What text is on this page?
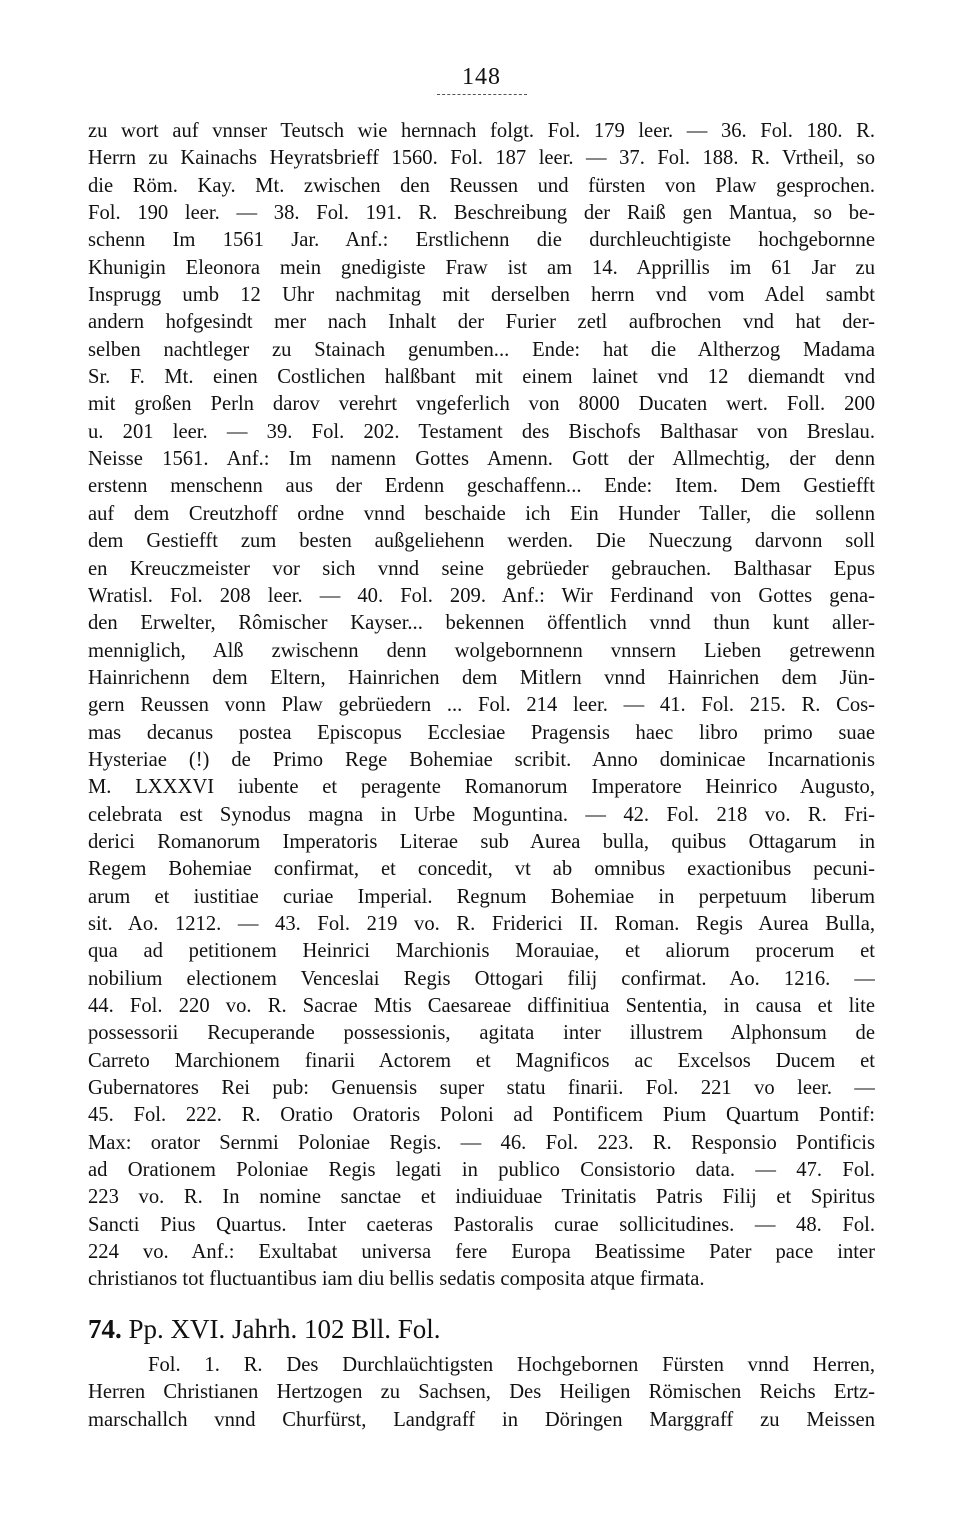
148
zu wort auf vnnser Teutsch wie hernnach folgt. Fol. 179 leer. — 36. Fol. 180. R.
Herrn zu Kainachs Heyratsbrieff 1560. Fol. 187 leer. — 37. Fol. 188. R. Vrtheil, so
die Röm. Kay. Mt. zwischen den Reussen und fürsten von Plaw gesprochen.
Fol. 190 leer. — 38. Fol. 191. R. Beschreibung der Raiß gen Mantua, so be-
schenn Im 1561 Jar. Anf.: Erstlichenn die durchleuchtigiste hochgebornne
Khunigin Eleonora mein gnedigiste Fraw ist am 14. Apprillis im 61 Jar zu
Insprugg umb 12 Uhr nachmitag mit derselben herrn vnd vom Adel sambt
andern hofgesindt mer nach Inhalt der Furier zetl aufbrochen vnd hat der-
selben nachtleger zu Stainach genumben... Ende: hat die Altherzog Madama
Sr. F. Mt. einen Costlichen halßbant mit einem lainet vnd 12 diemandt vnd
mit großen Perln darov verehrt vngeferlich von 8000 Ducaten wert. Foll. 200
u. 201 leer. — 39. Fol. 202. Testament des Bischofs Balthasar von Breslau.
Neisse 1561. Anf.: Im namenn Gottes Amenn. Gott der Allmechtig, der denn
erstenn menschenn aus der Erdenn geschaffenn... Ende: Item. Dem Gestiefft
auf dem Creutzhoff ordne vnnd beschaide ich Ein Hunder Taller, die sollenn
dem Gestiefft zum besten außgeliehenn werden. Die Nueczung darvonn soll
en Kreuczmeister vor sich vnnd seine gebrüeder gebrauchen. Balthasar Epus
Wratisl. Fol. 208 leer. — 40. Fol. 209. Anf.: Wir Ferdinand von Gottes gena-
den Erwelter, Rômischer Kayser... bekennen öffentlich vnnd thun kunt aller-
menniglich, Alß zwischenn denn wolgebornnenn vnnsern Lieben getrewenn
Hainrichenn dem Eltern, Hainrichen dem Mitlern vnnd Hainrichen dem Jün-
gern Reussen vonn Plaw gebrüedern ... Fol. 214 leer. — 41. Fol. 215. R. Cos-
mas decanus postea Episcopus Ecclesiae Pragensis haec libro primo suae
Hysteriae (!) de Primo Rege Bohemiae scribit. Anno dominicae Incarnationis
M. LXXXVI iubente et peragente Romanorum Imperatore Heinrico Augusto,
celebrata est Synodus magna in Urbe Moguntina. — 42. Fol. 218 vo. R. Fri-
derici Romanorum Imperatoris Literae sub Aurea bulla, quibus Ottagarum in
Regem Bohemiae confirmat, et concedit, vt ab omnibus exactionibus pecuni-
arum et iustitiae curiae Imperial. Regnum Bohemiae in perpetuum liberum
sit. Ao. 1212. — 43. Fol. 219 vo. R. Friderici II. Roman. Regis Aurea Bulla,
qua ad petitionem Heinrici Marchionis Morauiae, et aliorum procerum et
nobilium electionem Venceslai Regis Ottogari filij confirmat. Ao. 1216. —
44. Fol. 220 vo. R. Sacrae Mtis Caesareae diffinitiua Sententia, in causa et lite
possessorii Recuperande possessionis, agitata inter illustrem Alphonsum de
Carreto Marchionem finarii Actorem et Magnificos ac Excelsos Ducem et
Gubernatores Rei pub: Genuensis super statu finarii. Fol. 221 vo leer. —
45. Fol. 222. R. Oratio Oratoris Poloni ad Pontificem Pium Quartum Pontif:
Max: orator Sernmi Poloniae Regis. — 46. Fol. 223. R. Responsio Pontificis
ad Orationem Poloniae Regis legati in publico Consistorio data. — 47. Fol.
223 vo. R. In nomine sanctae et indiuiduae Trinitatis Patris Filij et Spiritus
Sancti Pius Quartus. Inter caeteras Pastoralis curae sollicitudines. — 48. Fol.
224 vo. Anf.: Exultabat universa fere Europa Beatissime Pater pace inter
christianos tot fluctuantibus iam diu bellis sedatis composita atque firmata.
74. Pp. XVI. Jahrh. 102 Bll. Fol.
Fol. 1. R. Des Durchlaüchtigsten Hochgebornen Fürsten vnnd Herren,
Herren Christianen Hertzogen zu Sachsen, Des Heiligen Römischen Reichs Ertz-
marschallch vnnd Churfürst, Landgraff in Döringen Marggraff zu Meissen
